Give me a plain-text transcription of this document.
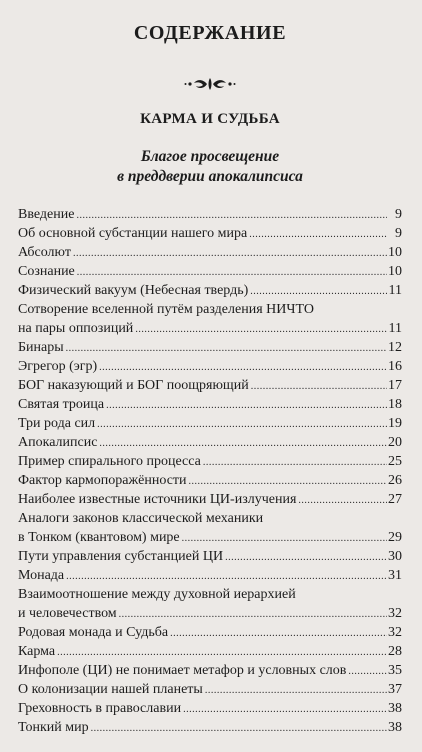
СОДЕРЖАНИЕ
КАРМА И СУДЬБА
Благое просвещение
в преддверии апокалипсиса
Введение .....	9
Об основной субстанции нашего мира .....	9
Абсолют .....	10
Сознание .....	10
Физический вакуум (Небесная твердь) .....	11
Сотворение вселенной путём разделения НИЧТО
на пары оппозиций .....	11
Бинары .....	12
Эгрегор (эгр) .....	16
БОГ наказующий и БОГ поощряющий .....	17
Святая троица .....	18
Три рода сил .....	19
Апокалипсис .....	20
Пример спирального процесса .....	25
Фактор кармопоражённости .....	26
Наиболее известные источники ЦИ-излучения .....	27
Аналоги законов классической механики
в Тонком (квантовом) мире .....	29
Пути управления субстанцией ЦИ .....	30
Монада .....	31
Взаимоотношение между духовной иерархией
и человечеством .....	32
Родовая монада и Судьба .....	32
Карма .....	28
Инфополе (ЦИ) не понимает метафор и условных слов .....	35
О колонизации нашей планеты .....	37
Греховность в православии .....	38
Тонкий мир .....	38
